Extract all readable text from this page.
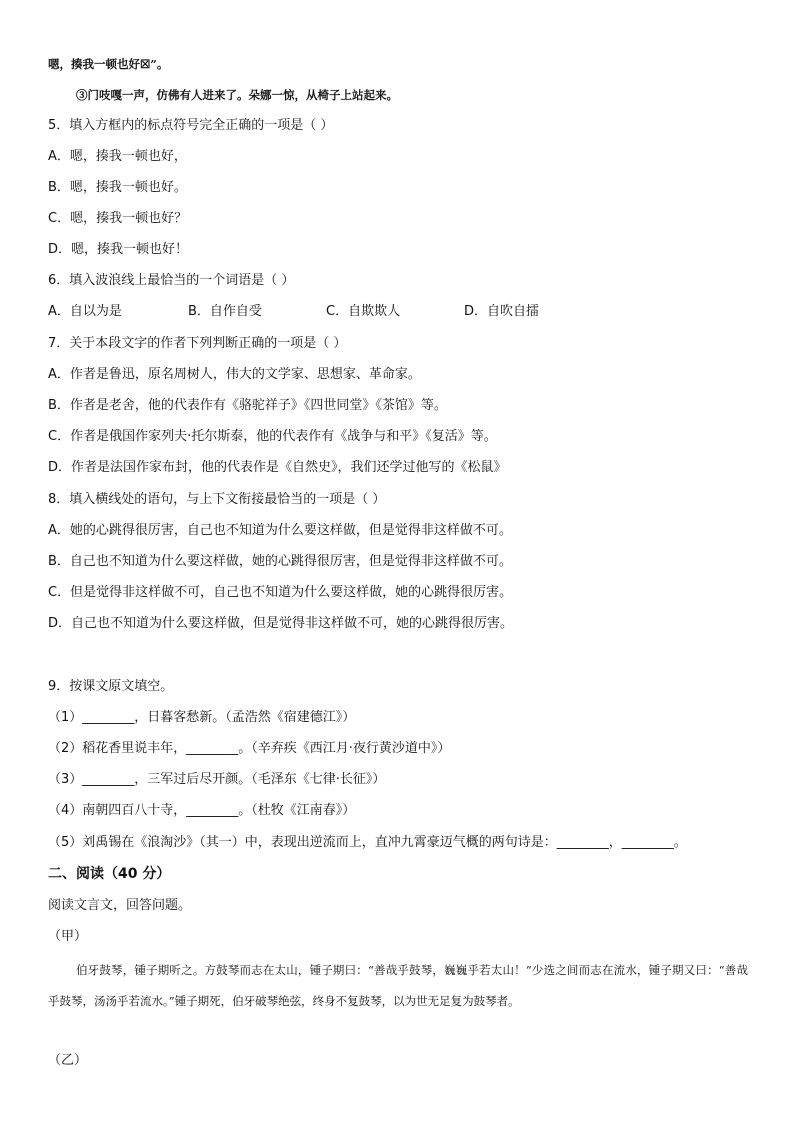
嗯，揍我一顿也好☒”。
③门吱嘎一声，仿佛有人进来了。朵娜一惊，从椅子上站起来。
5．填入方框内的标点符号完全正确的一项是（ ）
A．嗯，揍我一顿也好，
B．嗯，揍我一顿也好。
C．嗯，揍我一顿也好？
D．嗯，揍我一顿也好！
6．填入波浪线上最恰当的一个词语是（ ）
A．自以为是	B．自作自受	C．自欺欺人	D．自吹自擂
7．关于本段文字的作者下列判断正确的一项是（ ）
A．作者是鲁迅，原名周树人，伟大的文学家、思想家、革命家。
B．作者是老舍，他的代表作有《骆驼祥子》《四世同堂》《茶馆》等。
C．作者是俄国作家列夫·托尔斯泰，他的代表作有《战争与和平》《复活》等。
D．作者是法国作家布封，他的代表作是《自然史》，我们还学过他写的《松鼠》
8．填入横线处的语句，与上下文衔接最恰当的一项是（ ）
A．她的心跳得很厉害，自己也不知道为什么要这样做，但是觉得非这样做不可。
B．自己也不知道为什么要这样做，她的心跳得很厉害，但是觉得非这样做不可。
C．但是觉得非这样做不可，自己也不知道为什么要这样做，她的心跳得很厉害。
D．自己也不知道为什么要这样做，但是觉得非这样做不可，她的心跳得很厉害。
9．按课文原文填空。
（1）________，日暮客愁新。（孟浩然《宿建德江》）
（2）稻花香里说丰年，________。（辛弃疾《西江月·夜行黄沙道中》）
（3）________，三军过后尽开颜。（毛泽东《七律·长征》）
（4）南朝四百八十寺，________。（杜牧《江南春》）
（5）刘禹锡在《浪淘沙》（其一）中，表现出逆流而上，直冲九霄豪迈气概的两句诗是：________，________。
二、阅读（40 分）
阅读文言文，回答问题。
（甲）
伯牙鼓琴，锺子期听之。方鼓琴而志在太山，锺子期曰：“善哉乎鼓琴，巍巍乎若太山！”少选之间而志在流水，锺子期又曰：“善哉乎鼓琴，汤汤乎若流水。”锺子期死，伯牙破琴绝弦，终身不复鼓琴，以为世无足复为鼓琴者。
（乙）
